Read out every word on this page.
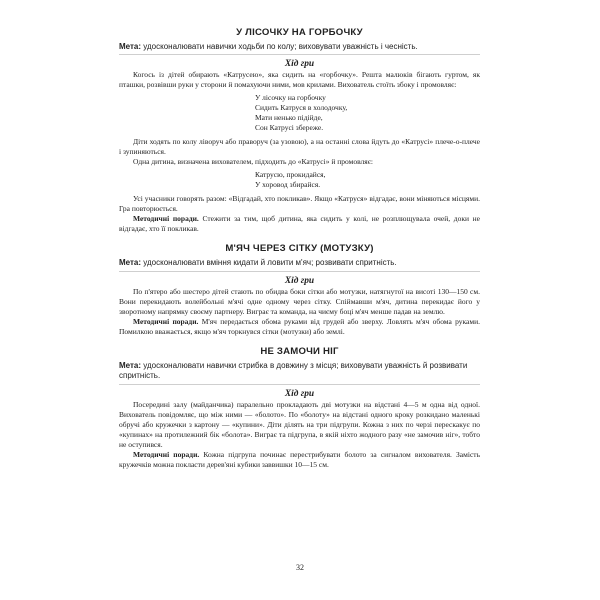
У ЛІСОЧКУ НА ГОРБОЧКУ
Мета: удосконалювати навички ходьби по колу; виховувати уважність і чесність.
Хід гри

Когось із дітей обирають «Катрусею», яка сидить на «горбочку». Решта малюків бігають гуртом, як пташки, розвівши руки у сторони й помахуючи ними, мов крилами. Вихователь стоїть збоку і промовляє:

У лісочку на горбочку
Сидить Катруся в холодочку,
Мати ненько підійде,
Сон Катрусі збереже.

Діти ходять по колу ліворуч або праворуч (за узовою), а на останні слова йдуть до «Катрусі» плече-о-плече і зупиняються.

Одна дитина, визначена вихователем, підходить до «Катрусі» й промовляє:

Катрусю, прокидайся,
У хоровод збирайся.

Усі учасники говорять разом: «Відгадай, хто покликав». Якщо «Катруся» відгадає, вони міняються місцями. Гра повторюється.

Методичні поради. Стежити за тим, щоб дитина, яка сидить у колі, не розплющувала очей, доки не відгадає, хто її покликав.

М'ЯЧ ЧЕРЕЗ СІТКУ (МОТУЗКУ)
Мета: удосконалювати вміння кидати й ловити м'яч; розвивати спритність.
Хід гри

По п'ятеро або шестеро дітей стають по обидва боки сітки або мотузки, натягнутої на висоті 130—150 см. Вони перекидають волейбольні м'ячі одне одному через сітку. Спіймавши м'яч, дитина перекидає його у зворотному напрямку своєму партнеру. Виграє та команда, на чиєму боці м'яч менше падав на землю.

Методичні поради. М'яч передається обома руками від грудей або зверху. Ловлять м'яч обома руками. Помилкою вважається, якщо м'яч торкнувся сітки (мотузки) або землі.

НЕ ЗАМОЧИ НІГ
Мета: удосконалювати навички стрибка в довжину з місця; виховувати уважність й розвивати спритність.
Хід гри

Посередині залу (майданчика) паралельно прокладають дві мотузки на відстані 4—5 м одна від одної. Вихователь повідомляє, що між ними — «болото». По «болоту» на відстані одного кроку розкидано маленькі обручі або кружечки з картону — «купини». Діти ділять на три підгрупи. Кожна з них по черзі перескакує по «купинах» на протилежний бік «болота». Виграє та підгрупа, в якій ніхто жодного разу «не замочив ніг», тобто не оступився.

Методичні поради. Кожна підгрупа починає перестрибувати болото за сигналом вихователя. Замість кружечків можна покласти дерев'яні кубики заввишки 10—15 см.

32
